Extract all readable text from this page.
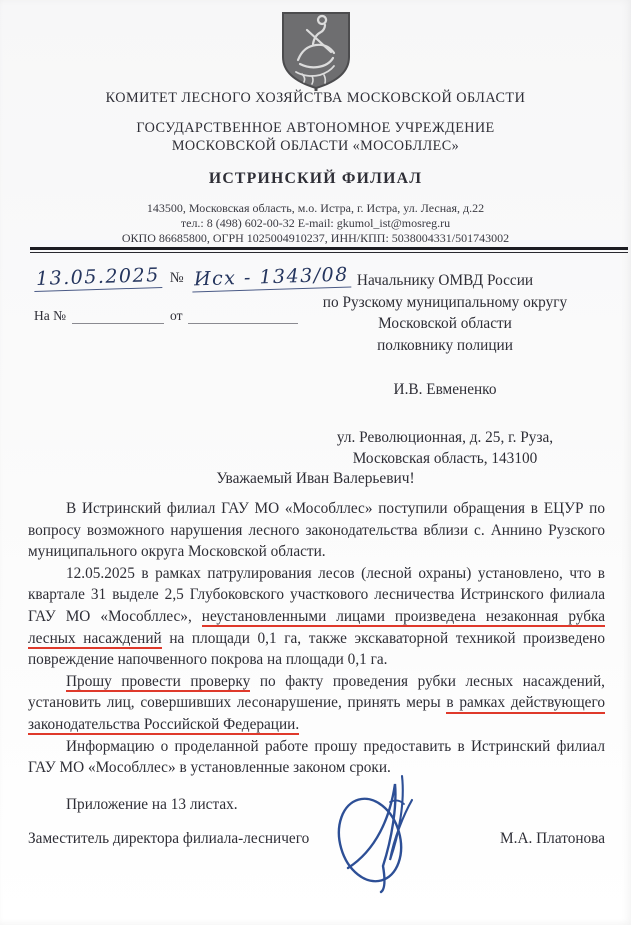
КОМИТЕТ ЛЕСНОГО ХОЗЯЙСТВА МОСКОВСКОЙ ОБЛАСТИ
ГОСУДАРСТВЕННОЕ АВТОНОМНОЕ УЧРЕЖДЕНИЕ
МОСКОВСКОЙ ОБЛАСТИ «МОСОБЛЛЕС»
ИСТРИНСКИЙ ФИЛИАЛ
143500, Московская область, м.о. Истра, г. Истра, ул. Лесная, д.22
тел.: 8 (498) 602-00-32 E-mail: gkumol_ist@mosreg.ru
ОКПО 86685800, ОГРН 1025004910237, ИНН/КПП: 5038004331/501743002
13.05.2025 № Исх - 1343/08
На №	от
Начальнику ОМВД России
по Рузскому муниципальному округу
Московской области
полковнику полиции
И.В. Евмененко
ул. Революционная, д. 25, г. Руза,
Московская область, 143100
Уважаемый Иван Валерьевич!

В Истринский филиал ГАУ МО «Мособллес» поступили обращения в ЕЦУР по вопросу возможного нарушения лесного законодательства вблизи с. Аннино Рузского муниципального округа Московской области.

12.05.2025 в рамках патрулирования лесов (лесной охраны) установлено, что в квартале 31 выделе 2,5 Глубоковского участкового лесничества Истринского филиала ГАУ МО «Мособллес», неустановленными лицами произведена незаконная рубка лесных насаждений на площади 0,1 га, также экскаваторной техникой произведено повреждение напочвенного покрова на площади 0,1 га.

Прошу провести проверку по факту проведения рубки лесных насаждений, установить лиц, совершивших лесонарушение, принять меры в рамках действующего законодательства Российской Федерации.

Информацию о проделанной работе прошу предоставить в Истринский филиал ГАУ МО «Мособллес» в установленные законом сроки.

Приложение на 13 листах.

Заместитель директора филиала-лесничего	М.А. Платонова
